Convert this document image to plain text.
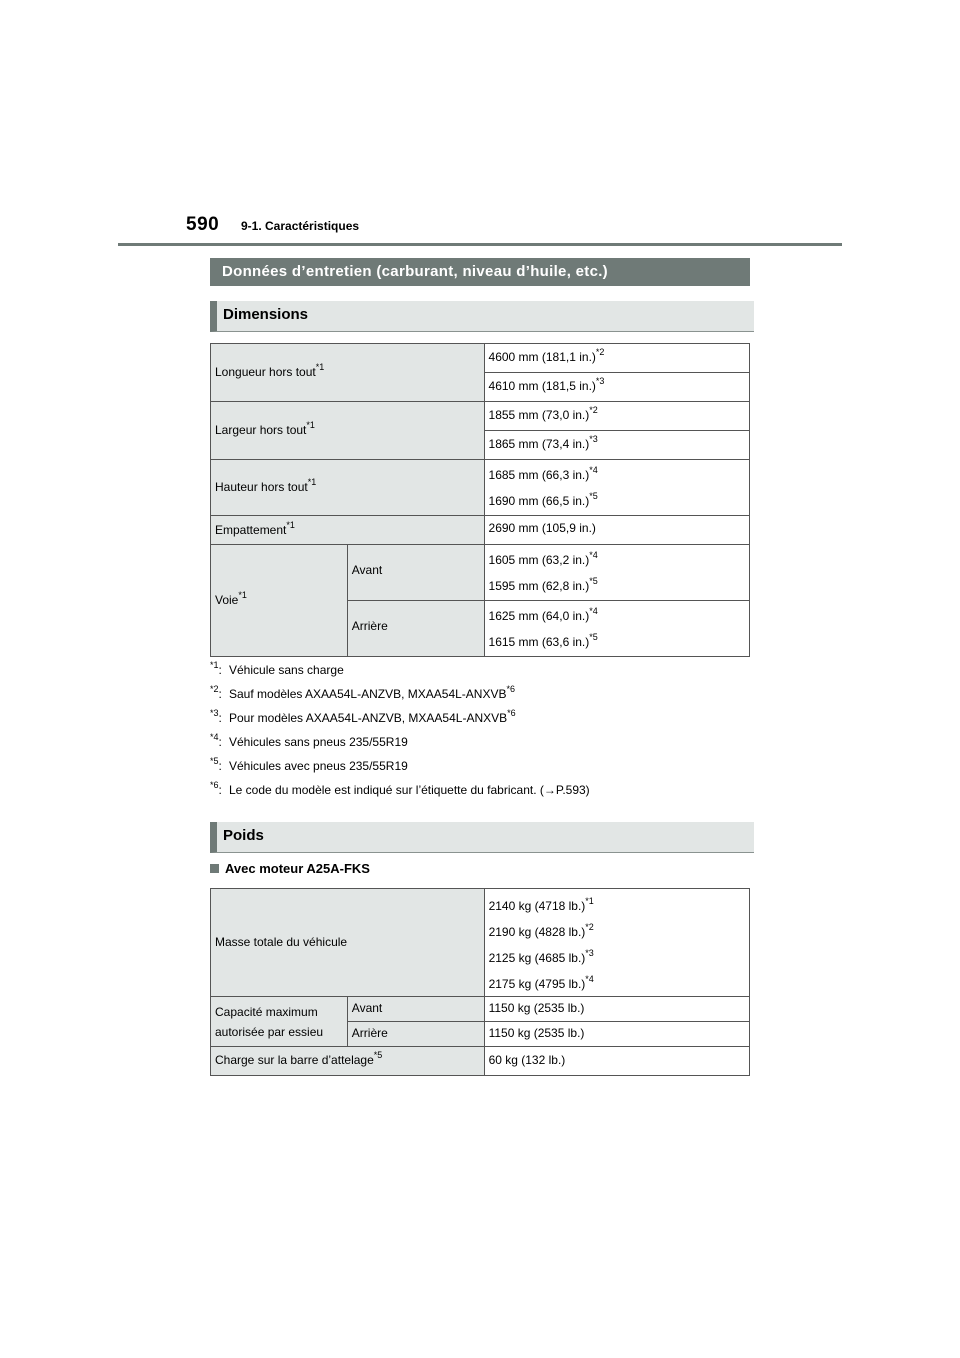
590 9-1. Caractéristiques
Données d’entretien (carburant, niveau d’huile, etc.)
Dimensions
Longueur hors tout$^{*1}$		4600 mm (181,1 in.)$^{*2}$
		4610 mm (181,5 in.)$^{*3}$
Largeur hors tout$^{*1}$		1855 mm (73,0 in.)$^{*2}$
		1865 mm (73,4 in.)$^{*3}$
Hauteur hors tout$^{*1}$		1685 mm (66,3 in.)$^{*4}$
1690 mm (66,5 in.)$^{*5}$

Empattement$^{*1}$		2690 mm (105,9 in.)
Voie$^{*1}$	Avant	1605 mm (63,2 in.)$^{*4}$
1595 mm (62,8 in.)$^{*5}$

	Arrière	1625 mm (64,0 in.)$^{*4}$
1615 mm (63,6 in.)$^{*5}$
$^{*1}$: Véhicule sans charge
$^{*2}$: Sauf modèles AXAA54L-ANZVB, MXAA54L-ANXVB$^{*6}$
$^{*3}$: Pour modèles AXAA54L-ANZVB, MXAA54L-ANXVB$^{*6}$
$^{*4}$: Véhicules sans pneus 235/55R19
$^{*5}$: Véhicules avec pneus 235/55R19
$^{*6}$: Le code du modèle est indiqué sur l’étiquette du fabricant. (→P.593)
Poids
Avec moteur A25A-FKS
Masse totale du véhicule		2140 kg (4718 lb.)$^{*1}$
2190 kg (4828 lb.)$^{*2}$
2125 kg (4685 lb.)$^{*3}$
2175 kg (4795 lb.)$^{*4}$

Capacité maximum
autorisée par essieu	Avant	1150 kg (2535 lb.)
	Arrière	1150 kg (2535 lb.)
Charge sur la barre d’attelage$^{*5}$		60 kg (132 lb.)
